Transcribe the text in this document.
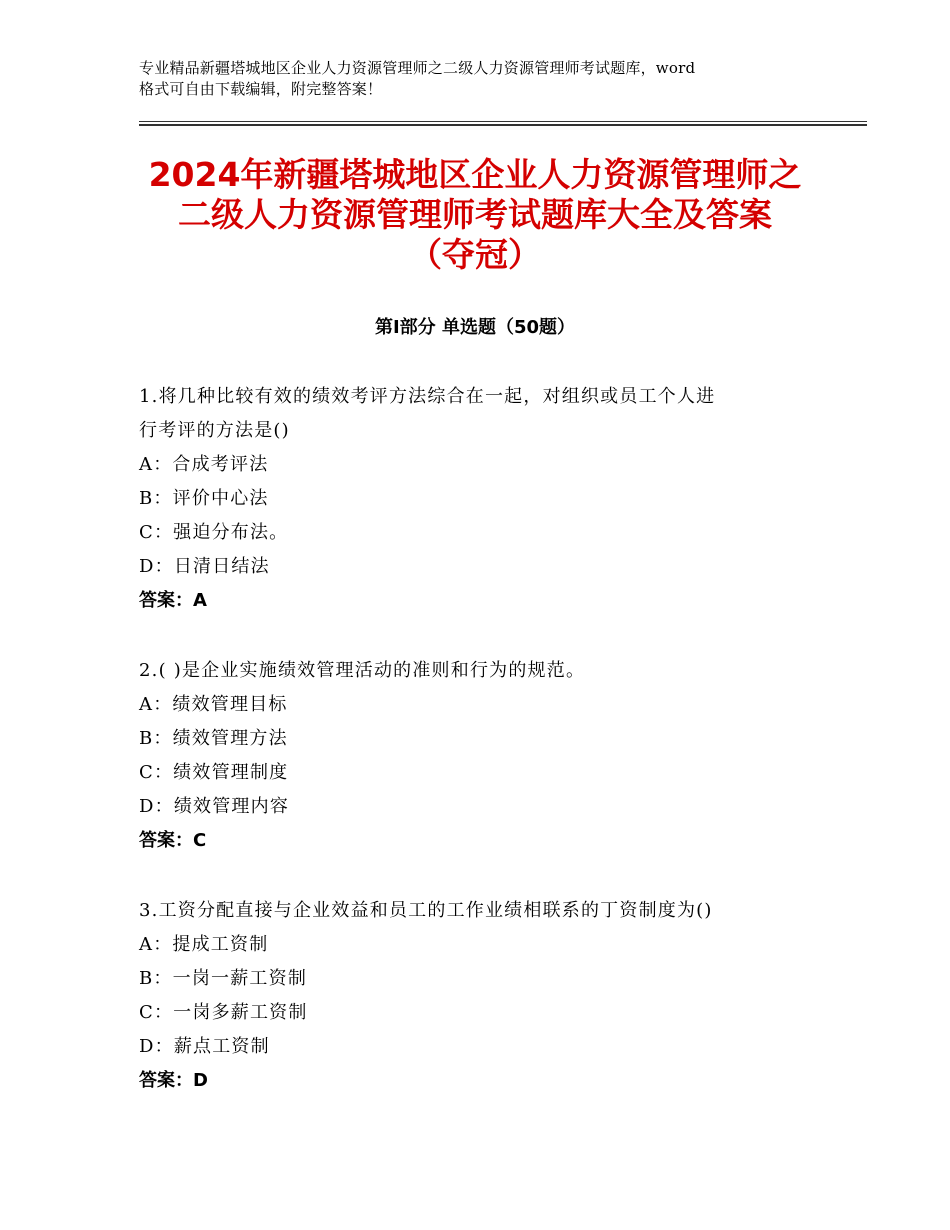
专业精品新疆塔城地区企业人力资源管理师之二级人力资源管理师考试题库，word
格式可自由下载编辑，附完整答案！
2024年新疆塔城地区企业人力资源管理师之
二级人力资源管理师考试题库大全及答案
（夺冠）
第Ⅰ部分 单选题（50题）
1.将几种比较有效的绩效考评方法综合在一起，对组织或员工个人进
行考评的方法是()
A：合成考评法
B：评价中心法
C：强迫分布法。
D：日清日结法
答案：A
2.( )是企业实施绩效管理活动的准则和行为的规范。
A：绩效管理目标
B：绩效管理方法
C：绩效管理制度
D：绩效管理内容
答案：C
3.工资分配直接与企业效益和员工的工作业绩相联系的丁资制度为()
A：提成工资制
B：一岗一薪工资制
C：一岗多薪工资制
D：薪点工资制
答案：D
